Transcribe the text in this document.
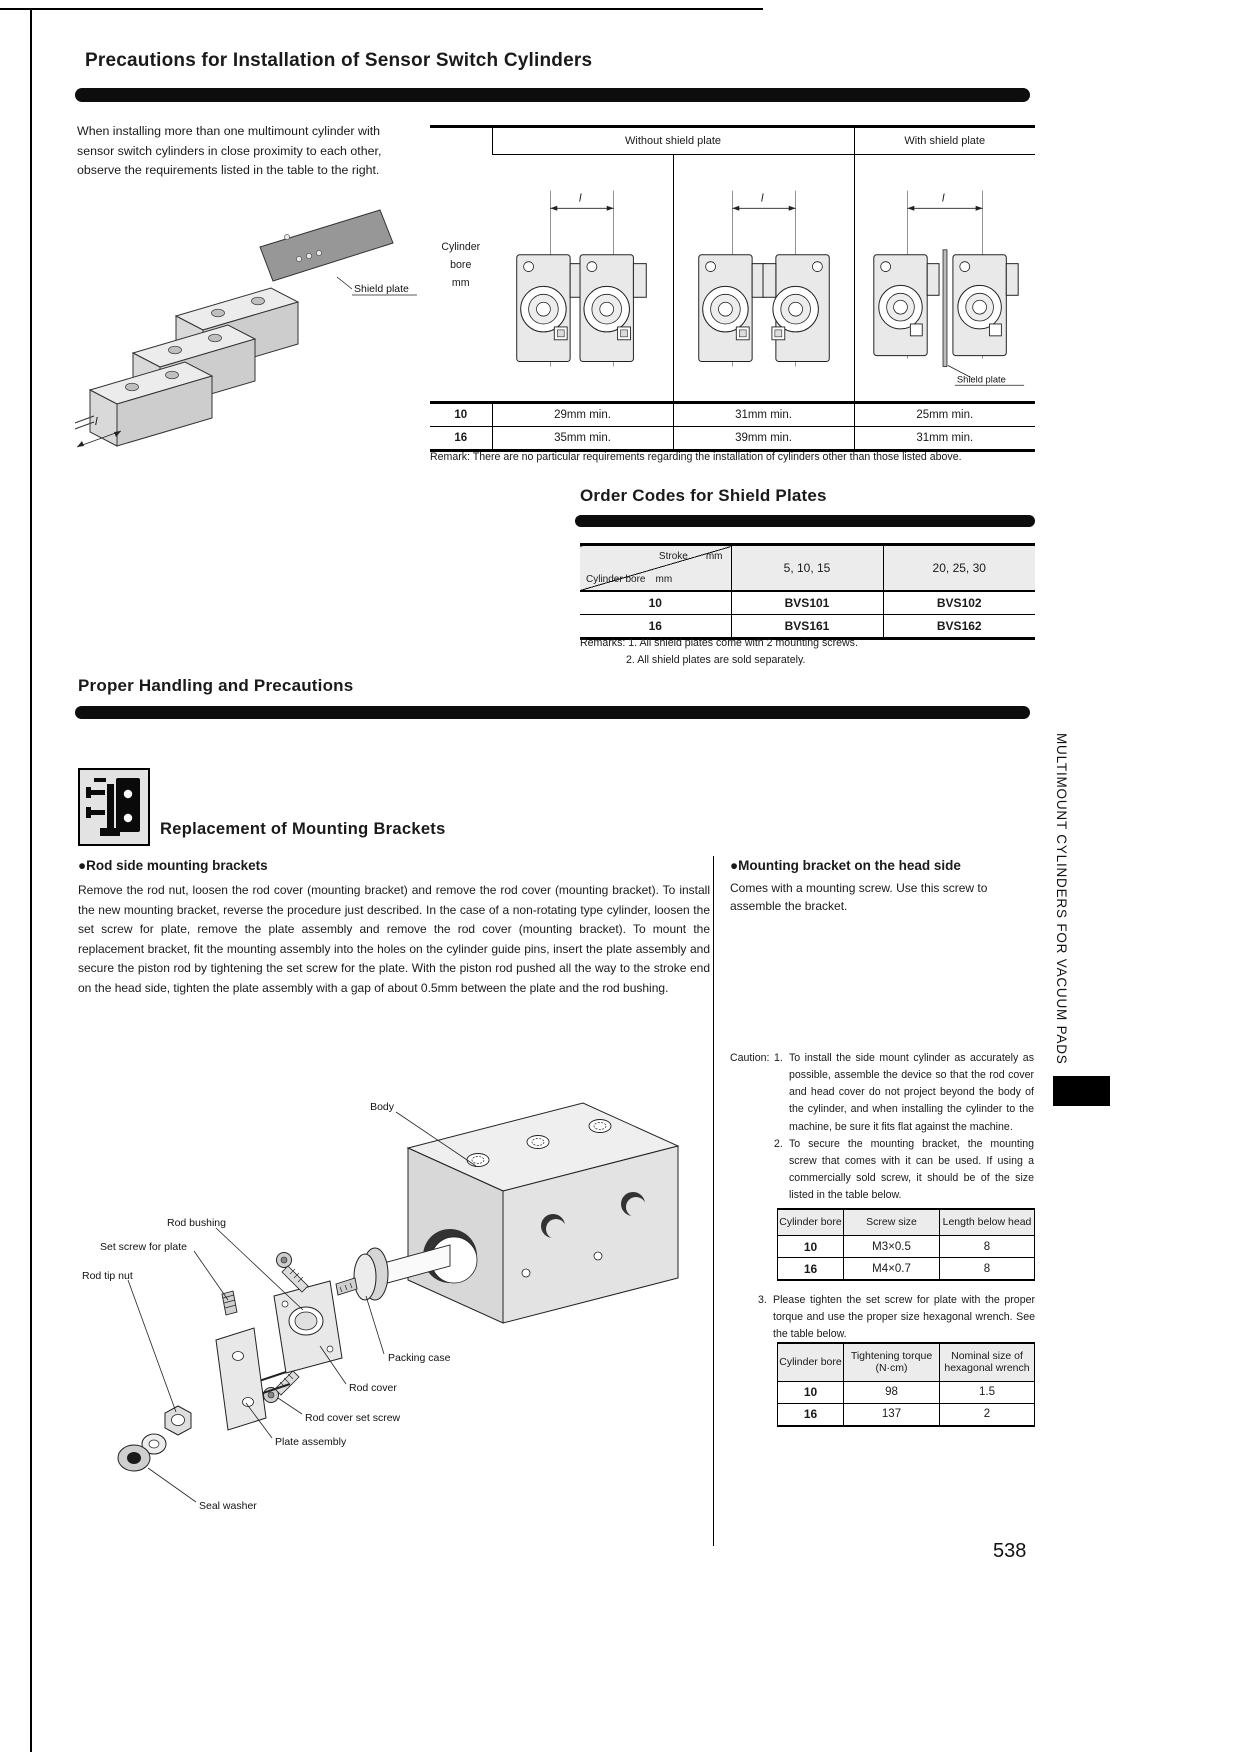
Precautions for Installation of Sensor Switch Cylinders
When installing more than one multimount cylinder with sensor switch cylinders in close proximity to each other, observe the requirements listed in the table to the right.
Shield plate
l
Cylinder bore
mm	Without shield plate		With shield plate

l	l	l
Shield plate

10	29mm min.	31mm min.	25mm min.
16	35mm min.	39mm min.	31mm min.
Remark: There are no particular requirements regarding the installation of cylinders other than those listed above.
Order Codes for Shield Plates
Stroke mm
Cylinder bore mm	5, 10, 15	20, 25, 30
10	BVS101	BVS102
16	BVS161	BVS162
Remarks: 1. All shield plates come with 2 mounting screws.
2. All shield plates are sold separately.
Proper Handling and Precautions
Replacement of Mounting Brackets
●Rod side mounting brackets
Remove the rod nut, loosen the rod cover (mounting bracket) and remove the rod cover (mounting bracket). To install the new mounting bracket, reverse the procedure just described. In the case of a non-rotating type cylinder, loosen the set screw for plate, remove the plate assembly and remove the rod cover (mounting bracket). To mount the replacement bracket, fit the mounting assembly into the holes on the cylinder guide pins, insert the plate assembly and secure the piston rod by tightening the set screw for the plate. With the piston rod pushed all the way to the stroke end on the head side, tighten the plate assembly with a gap of about 0.5mm between the plate and the rod bushing.
●Mounting bracket on the head side
Comes with a mounting screw. Use this screw to assemble the bracket.
Caution: 1. To install the side mount cylinder as accurately as possible, assemble the device so that the rod cover and head cover do not project beyond the body of the cylinder, and when installing the cylinder to the machine, be sure it fits flat against the machine.
2. To secure the mounting bracket, the mounting screw that comes with it can be used. If using a commercially sold screw, it should be of the size listed in the table below.
Cylinder bore	Screw size	Length below head
10	M3×0.5	8
16	M4×0.7	8
3. Please tighten the set screw for plate with the proper torque and use the proper size hexagonal wrench. See the table below.
Cylinder bore	Tightening torque (N·cm)	Nominal size of hexagonal wrench
10	98	1.5
16	137	2
Body
Rod bushing
Set screw for plate
Rod tip nut
Packing case
Rod cover
Rod cover set screw
Plate assembly
Seal washer
MULTIMOUNT CYLINDERS FOR VACUUM PADS
538
